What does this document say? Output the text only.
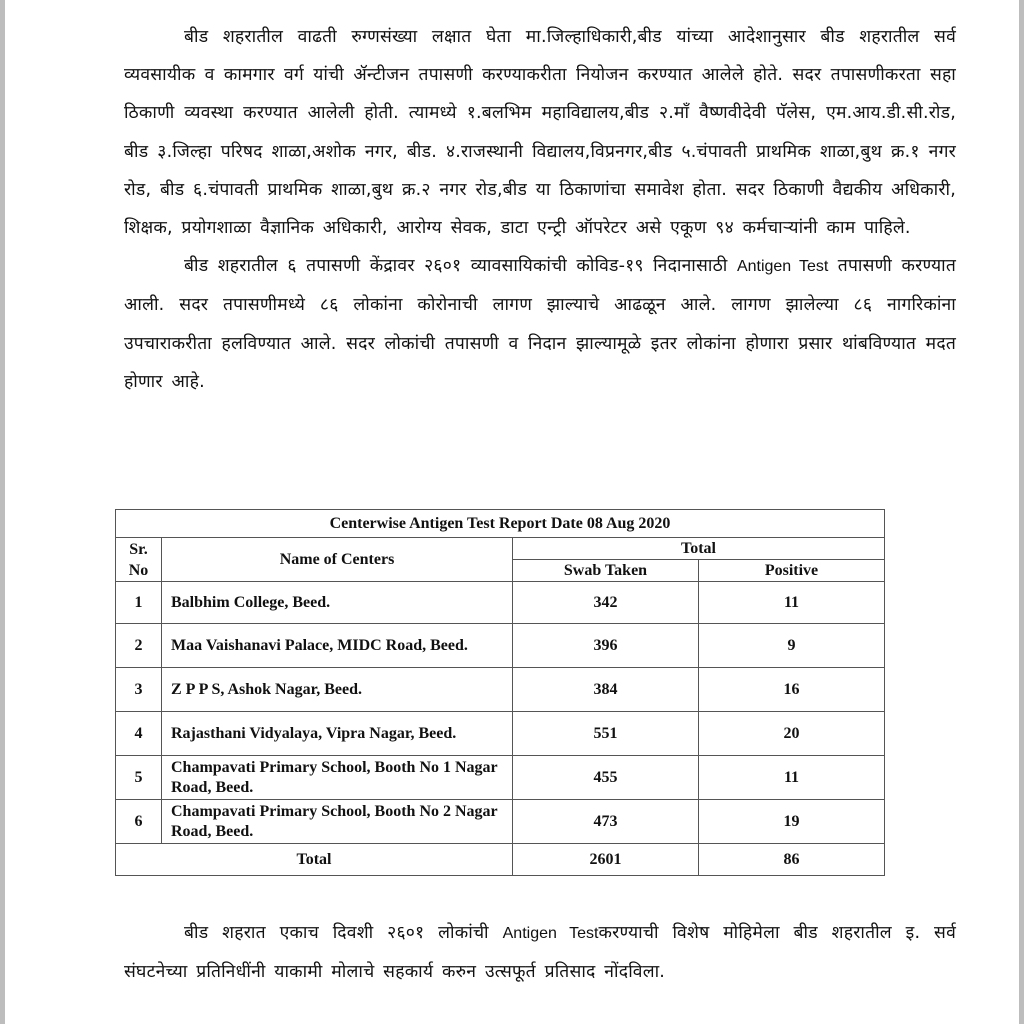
बीड शहरातील वाढती रुग्णसंख्या लक्षात घेता मा.जिल्हाधिकारी,बीड यांच्या आदेशानुसार बीड शहरातील सर्व व्यवसायीक व कामगार वर्ग यांची ॲन्टीजन तपासणी करण्याकरीता नियोजन करण्यात आलेले होते. सदर तपासणीकरता सहा ठिकाणी व्यवस्था करण्यात आलेली होती. त्यामध्ये १.बलभिम महाविद्यालय,बीड २.माँ वैष्णवीदेवी पॅलेस, एम.आय.डी.सी.रोड, बीड ३.जिल्हा परिषद शाळा,अशोक नगर, बीड. ४.राजस्थानी विद्यालय,विप्रनगर,बीड ५.चंपावती प्राथमिक शाळा,बुथ क्र.१ नगर रोड, बीड ६.चंपावती प्राथमिक शाळा,बुथ क्र.२ नगर रोड,बीड या ठिकाणांचा समावेश होता. सदर ठिकाणी वैद्यकीय अधिकारी, शिक्षक, प्रयोगशाळा वैज्ञानिक अधिकारी, आरोग्य सेवक, डाटा एन्ट्री ऑपरेटर असे एकूण ९४ कर्मचाऱ्यांनी काम पाहिले.

बीड शहरातील ६ तपासणी केंद्रावर २६०१ व्यावसायिकांची कोविड-१९ निदानासाठी Antigen Test तपासणी करण्यात आली. सदर तपासणीमध्ये ८६ लोकांना कोरोनाची लागण झाल्याचे आढळून आले. लागण झालेल्या ८६ नागरिकांना उपचाराकरीता हलविण्यात आले. सदर लोकांची तपासणी व निदान झाल्यामूळे इतर लोकांना होणारा प्रसार थांबविण्यात मदत होणार आहे.

Centerwise Antigen Test Report Date 08 Aug 2020			

Sr. No	Name of Centers	Total	
		Swab Taken	Positive
1	Balbhim College, Beed.	342	11
2	Maa Vaishanavi Palace, MIDC Road, Beed.	396	9
3	Z P P S, Ashok Nagar, Beed.	384	16
4	Rajasthani Vidyalaya, Vipra Nagar, Beed.	551	20
5	Champavati Primary School, Booth No 1 Nagar Road, Beed.	455	11
6	Champavati Primary School, Booth No 2 Nagar Road, Beed.	473	19
Total		2601	86

बीड शहरात एकाच दिवशी २६०१ लोकांची Antigen Testकरण्याची विशेष मोहिमेला बीड शहरातील इ. सर्व संघटनेच्या प्रतिनिधींनी याकामी मोलाचे सहकार्य करुन उत्सफूर्त प्रतिसाद नोंदविला.
